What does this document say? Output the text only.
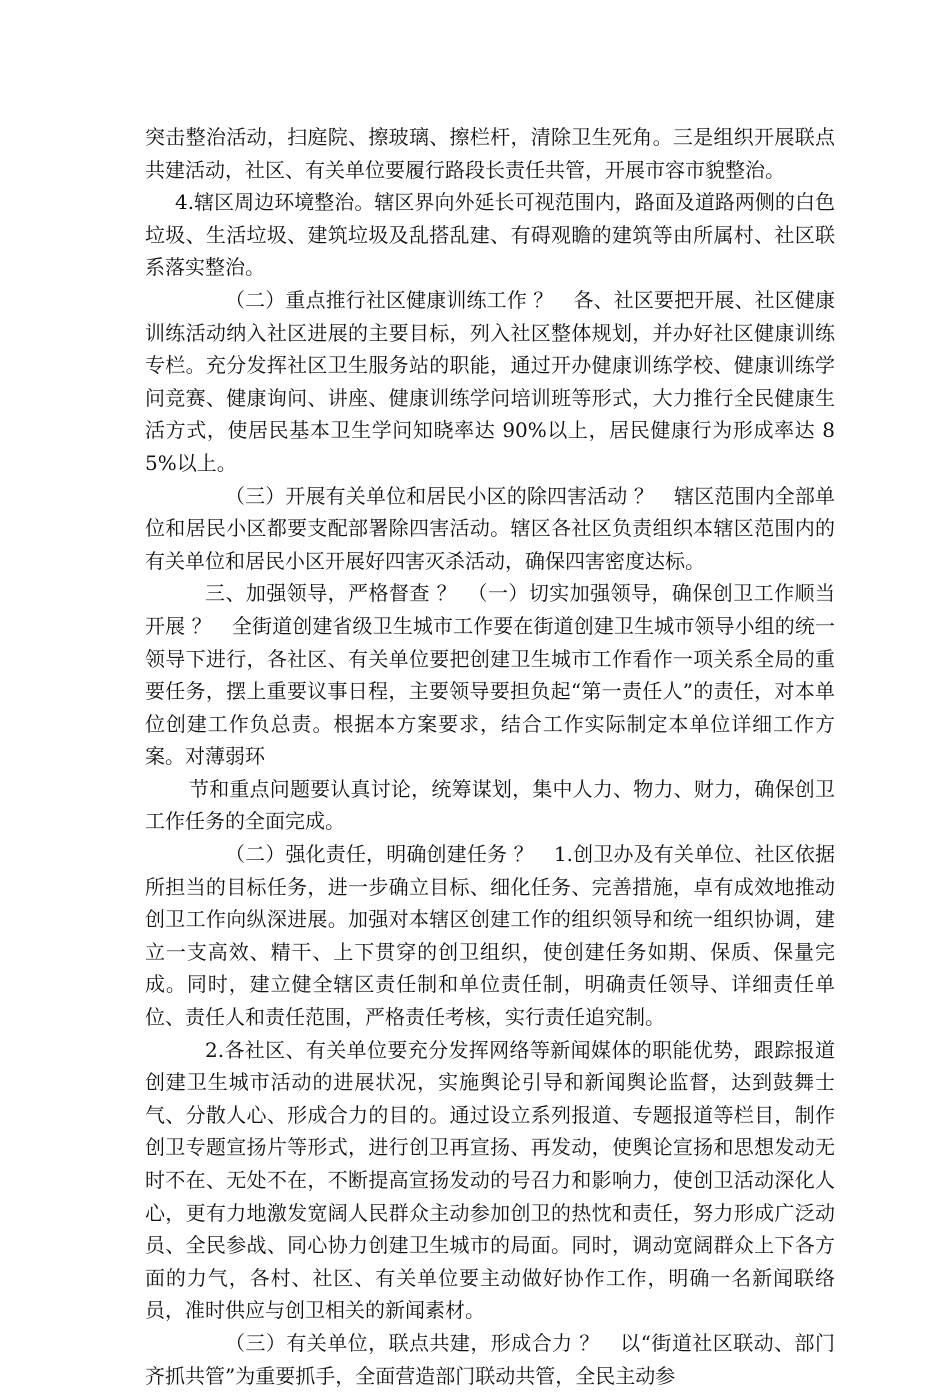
突击整治活动，扫庭院、擦玻璃、擦栏杆，清除卫生死角。三是组织开展联点共建活动，社区、有关单位要履行路段长责任共管，开展市容市貌整治。

4.辖区周边环境整治。辖区界向外延长可视范围内，路面及道路两侧的白色垃圾、生活垃圾、建筑垃圾及乱搭乱建、有碍观瞻的建筑等由所属村、社区联系落实整治。

（二）重点推行社区健康训练工作 ？　各、社区要把开展、社区健康训练活动纳入社区进展的主要目标，列入社区整体规划，并办好社区健康训练专栏。充分发挥社区卫生服务站的职能，通过开办健康训练学校、健康训练学问竞赛、健康询问、讲座、健康训练学问培训班等形式，大力推行全民健康生活方式，使居民基本卫生学问知晓率达 90%以上，居民健康行为形成率达 85%以上。

（三）开展有关单位和居民小区的除四害活动 ？　辖区范围内全部单位和居民小区都要支配部署除四害活动。辖区各社区负责组织本辖区范围内的有关单位和居民小区开展好四害灭杀活动，确保四害密度达标。

三、加强领导，严格督查 ？　（一）切实加强领导，确保创卫工作顺当开展 ？　全街道创建省级卫生城市工作要在街道创建卫生城市领导小组的统一领导下进行，各社区、有关单位要把创建卫生城市工作看作一项关系全局的重要任务，摆上重要议事日程，主要领导要担负起“第一责任人”的责任，对本单位创建工作负总责。根据本方案要求，结合工作实际制定本单位详细工作方案。对薄弱环

节和重点问题要认真讨论，统筹谋划，集中人力、物力、财力，确保创卫工作任务的全面完成。

（二）强化责任，明确创建任务 ？　1.创卫办及有关单位、社区依据所担当的目标任务，进一步确立目标、细化任务、完善措施，卓有成效地推动创卫工作向纵深进展。加强对本辖区创建工作的组织领导和统一组织协调，建立一支高效、精干、上下贯穿的创卫组织，使创建任务如期、保质、保量完成。同时，建立健全辖区责任制和单位责任制，明确责任领导、详细责任单位、责任人和责任范围，严格责任考核，实行责任追究制。

2.各社区、有关单位要充分发挥网络等新闻媒体的职能优势，跟踪报道创建卫生城市活动的进展状况，实施舆论引导和新闻舆论监督，达到鼓舞士气、分散人心、形成合力的目的。通过设立系列报道、专题报道等栏目，制作创卫专题宣扬片等形式，进行创卫再宣扬、再发动，使舆论宣扬和思想发动无时不在、无处不在，不断提高宣扬发动的号召力和影响力，使创卫活动深化人心，更有力地激发宽阔人民群众主动参加创卫的热忱和责任，努力形成广泛动员、全民参战、同心协力创建卫生城市的局面。同时，调动宽阔群众上下各方面的力气，各村、社区、有关单位要主动做好协作工作，明确一名新闻联络员，准时供应与创卫相关的新闻素材。

（三）有关单位，联点共建，形成合力 ？　以“街道社区联动、部门齐抓共管”为重要抓手，全面营造部门联动共管，全民主动参
